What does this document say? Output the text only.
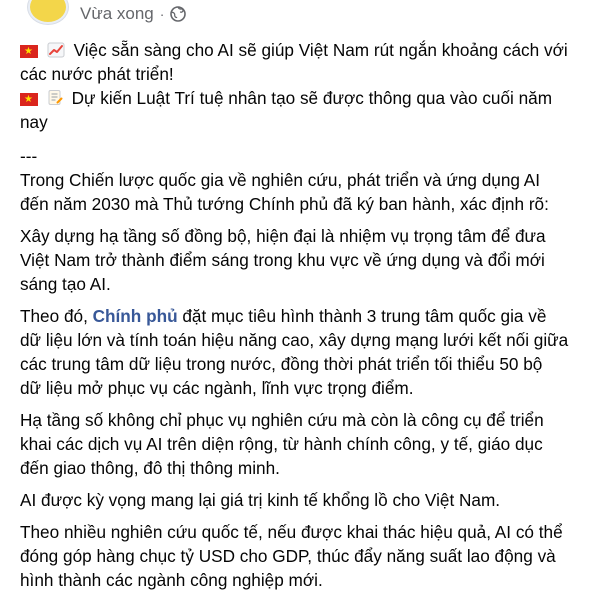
Vừa xong ·
★  Việc sẵn sàng cho AI sẽ giúp Việt Nam rút ngắn khoảng cách với
các nước phát triển!
★  Dự kiến Luật Trí tuệ nhân tạo sẽ được thông qua vào cuối năm
nay
---
Trong Chiến lược quốc gia về nghiên cứu, phát triển và ứng dụng AI
đến năm 2030 mà Thủ tướng Chính phủ đã ký ban hành, xác định rõ:
Xây dựng hạ tầng số đồng bộ, hiện đại là nhiệm vụ trọng tâm để đưa
Việt Nam trở thành điểm sáng trong khu vực về ứng dụng và đổi mới
sáng tạo AI.
Theo đó, Chính phủ đặt mục tiêu hình thành 3 trung tâm quốc gia về
dữ liệu lớn và tính toán hiệu năng cao, xây dựng mạng lưới kết nối giữa
các trung tâm dữ liệu trong nước, đồng thời phát triển tối thiểu 50 bộ
dữ liệu mở phục vụ các ngành, lĩnh vực trọng điểm.
Hạ tầng số không chỉ phục vụ nghiên cứu mà còn là công cụ để triển
khai các dịch vụ AI trên diện rộng, từ hành chính công, y tế, giáo dục
đến giao thông, đô thị thông minh.
AI được kỳ vọng mang lại giá trị kinh tế khổng lồ cho Việt Nam.
Theo nhiều nghiên cứu quốc tế, nếu được khai thác hiệu quả, AI có thể
đóng góp hàng chục tỷ USD cho GDP, thúc đẩy năng suất lao động và
hình thành các ngành công nghiệp mới.
